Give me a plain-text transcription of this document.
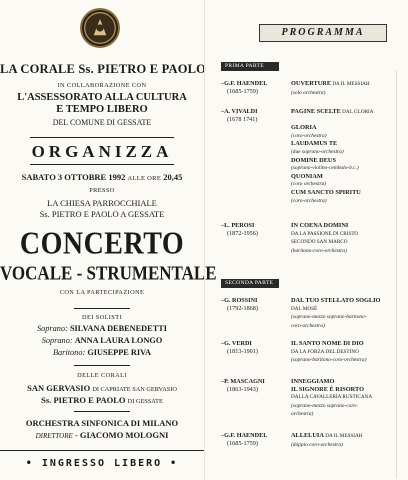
LA CORALE Ss. PIETRO E PAOLO
IN COLLABORAZIONE CON
L'ASSESSORATO ALLA CULTURA
E TEMPO LIBERO
DEL COMUNE DI GESSATE
ORGANIZZA
SABATO 3 OTTOBRE 1992 ALLE ORE 20,45
PRESSO
LA CHIESA PARROCCHIALE
Ss. PIETRO E PAOLO A GESSATE
CONCERTO
VOCALE - STRUMENTALE
CON LA PARTECIPAZIONE
DEI SOLISTI
Soprano: SILVANA DEBENEDETTI
Soprano: ANNA LAURA LONGO
Baritono: GIUSEPPE RIVA
DELLE CORALI
SAN GERVASIO DI CAPRIATE SAN GERVASIO
Ss. PIETRO E PAOLO DI GESSATE
ORCHESTRA SINFONICA DI MILANO
DIRETTORE - GIACOMO MOLOGNI
• INGRESSO LIBERO •
PROGRAMMA
PRIMA PARTE
SECONDA PARTE
–G.F. HAENDEL
(1685-1759)
OUVERTURE DA IL MESSIAH
(solo orchestra)
–A. VIVALDI
(1678 1741)
PAGINE SCELTE DAL GLORIA

GLORIA
(coro-orchestra)
LAUDAMUS TE
(due soprano-orchestra)
DOMINE DEUS
(soprano-violino-cembalo-b.c.)
QUONIAM
(coro orchestra)
CUM SANCTO SPIRITU
(coro-orchestra)
–L. PEROSI
(1872-1956)
IN COENA DOMINI
DA LA PASSIONE DI CRISTO
SECONDO SAN MARCO
(baritono-coro-orchestra)
–G. ROSSINI
(1792-1868)
DAL TUO STELLATO SOGLIO
DAL MOSÈ
(soprano-mezzo soprano-baritono-
coro-orchestra)
–G. VERDI
(1813-1901)
IL SANTO NOME DI DIO
DA LA FORZA DEL DESTINO
(soprano-baritono-coro-orchestra)
–P. MASCAGNI
(1863-1943)
INNEGGIAMO
IL SIGNORE È RISORTO
DALLA CAVALLERIA RUSTICANA
(soprano-mezzo soprano-coro-
orchestra)
–G.F. HAENDEL
(1685-1759)
ALLELUIA DA IL MESSIAH
(doppio coro-orchestra)
